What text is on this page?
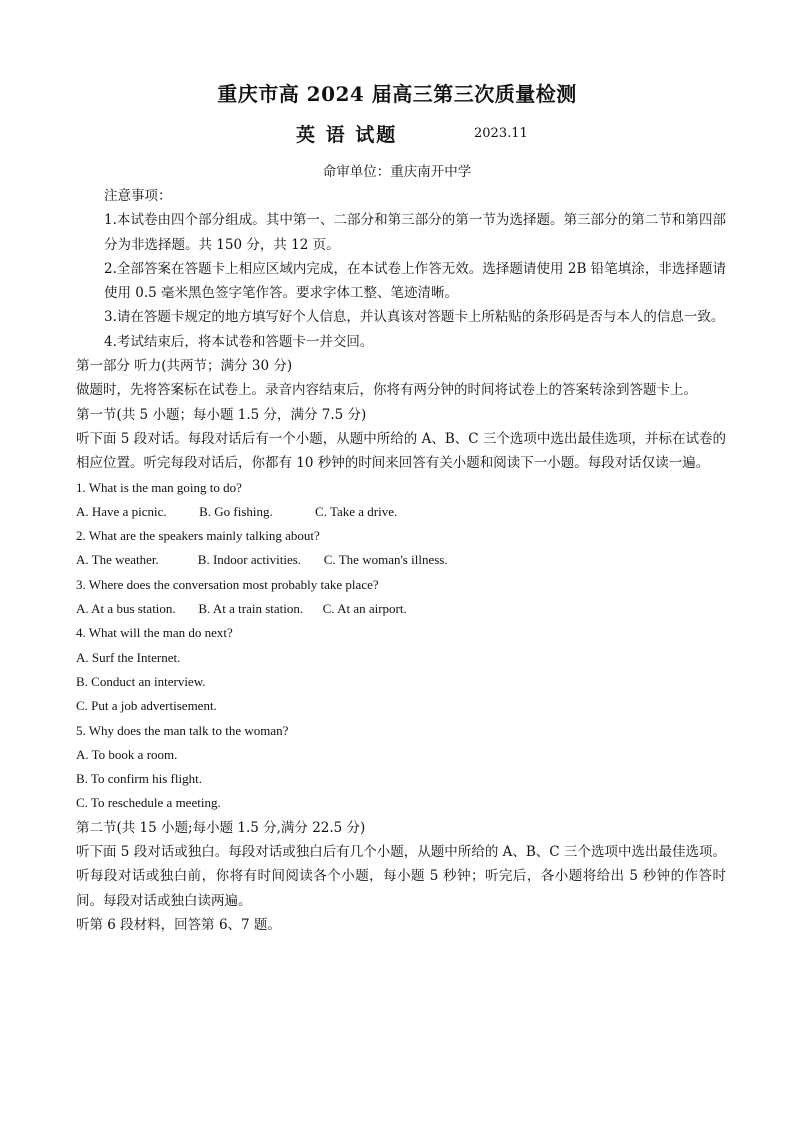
重庆市高 2024 届高三第三次质量检测
英 语 试题	2023.11
命审单位：重庆南开中学
注意事项：
1.本试卷由四个部分组成。其中第一、二部分和第三部分的第一节为选择题。第三部分的第二节和第四部分为非选择题。共 150 分，共 12 页。
2.全部答案在答题卡上相应区域内完成，在本试卷上作答无效。选择题请使用 2B 铅笔填涂，非选择题请使用 0.5 毫米黑色签字笔作答。要求字体工整、笔迹清晰。
3.请在答题卡规定的地方填写好个人信息，并认真该对答题卡上所粘贴的条形码是否与本人的信息一致。
4.考试结束后，将本试卷和答题卡一并交回。
第一部分 听力(共两节；满分 30 分)
做题时，先将答案标在试卷上。录音内容结束后，你将有两分钟的时间将试卷上的答案转涂到答题卡上。
第一节(共 5 小题；每小题 1.5 分，满分 7.5 分)
听下面 5 段对话。每段对话后有一个小题，从题中所给的 A、B、C 三个选项中选出最佳选项，并标在试卷的相应位置。听完每段对话后，你都有 10 秒钟的时间来回答有关小题和阅读下一小题。每段对话仅读一遍。
1. What is the man going to do?
A. Have a picnic.          B. Go fishing.             C. Take a drive.
2. What are the speakers mainly talking about?
A. The weather.            B. Indoor activities.       C. The woman's illness.
3. Where does the conversation most probably take place?
A. At a bus station.       B. At a train station.      C. At an airport.
4. What will the man do next?
A. Surf the Internet.
B. Conduct an interview.
C. Put a job advertisement.
5. Why does the man talk to the woman?
A. To book a room.
B. To confirm his flight.
C. To reschedule a meeting.
第二节(共 15 小题;每小题 1.5 分,满分 22.5 分)
听下面 5 段对话或独白。每段对话或独白后有几个小题，从题中所给的 A、B、C 三个选项中选出最佳选项。听每段对话或独白前，你将有时间阅读各个小题，每小题 5 秒钟；听完后，各小题将给出 5 秒钟的作答时间。每段对话或独白读两遍。
听第 6 段材料，回答第 6、7 题。
